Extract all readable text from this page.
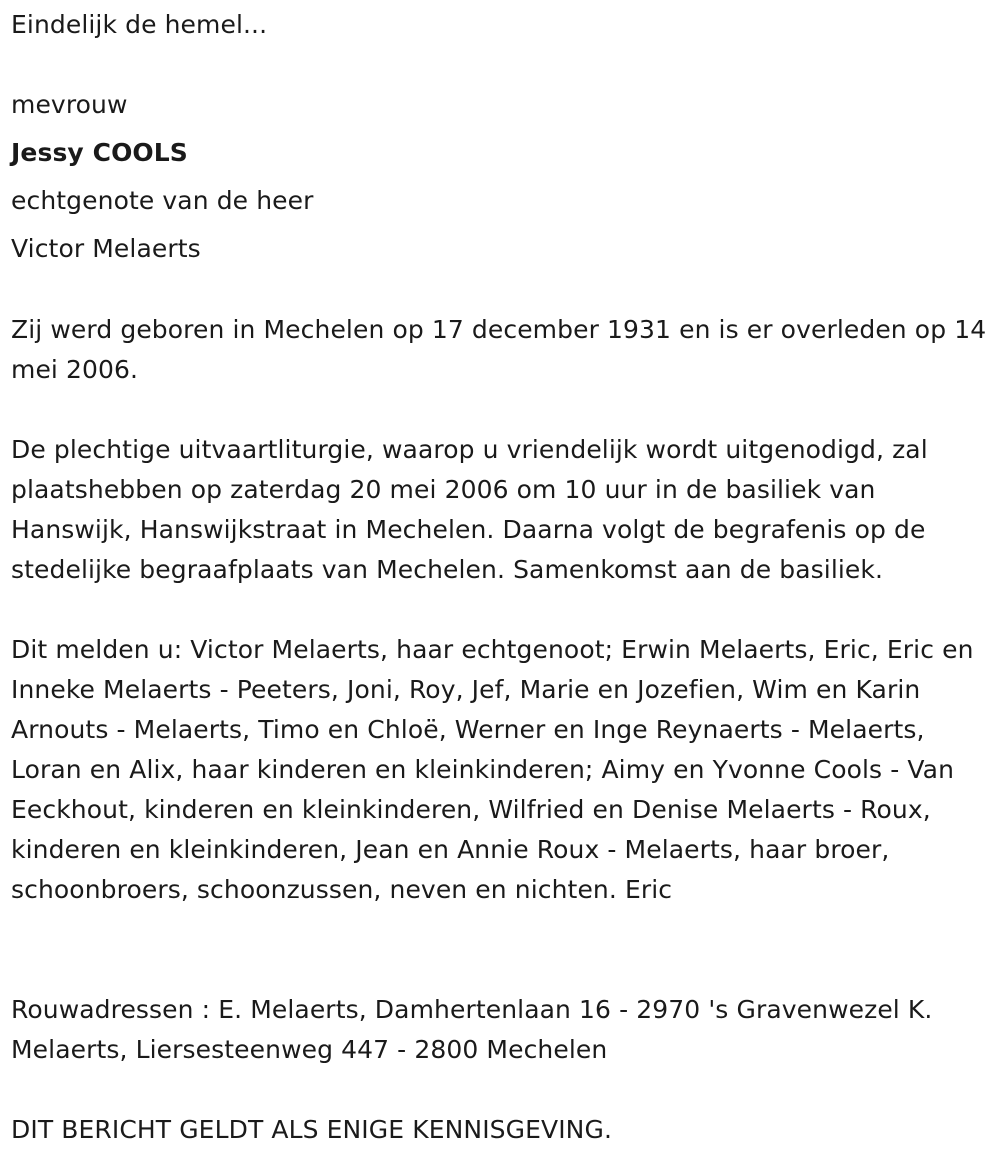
Eindelijk de hemel...

mevrouw

Jessy COOLS

echtgenote van de heer

Victor Melaerts

Zij werd geboren in Mechelen op 17 december 1931 en is er overleden op 14 mei 2006.

De plechtige uitvaartliturgie, waarop u vriendelijk wordt uitgenodigd, zal plaatshebben op zaterdag 20 mei 2006 om 10 uur in de basiliek van Hanswijk, Hanswijkstraat in Mechelen. Daarna volgt de begrafenis op de stedelijke begraafplaats van Mechelen. Samenkomst aan de basiliek.

Dit melden u: Victor Melaerts, haar echtgenoot; Erwin Melaerts, Eric, Eric en Inneke Melaerts - Peeters, Joni, Roy, Jef, Marie en Jozefien, Wim en Karin Arnouts - Melaerts, Timo en Chloë, Werner en Inge Reynaerts - Melaerts, Loran en Alix, haar kinderen en kleinkinderen; Aimy en Yvonne Cools - Van Eeckhout, kinderen en kleinkinderen, Wilfried en Denise Melaerts - Roux, kinderen en kleinkinderen, Jean en Annie Roux - Melaerts, haar broer, schoonbroers, schoonzussen, neven en nichten. Eric

Rouwadressen : E. Melaerts, Damhertenlaan 16 - 2970 's Gravenwezel K. Melaerts, Liersesteenweg 447 - 2800 Mechelen

DIT BERICHT GELDT ALS ENIGE KENNISGEVING.
